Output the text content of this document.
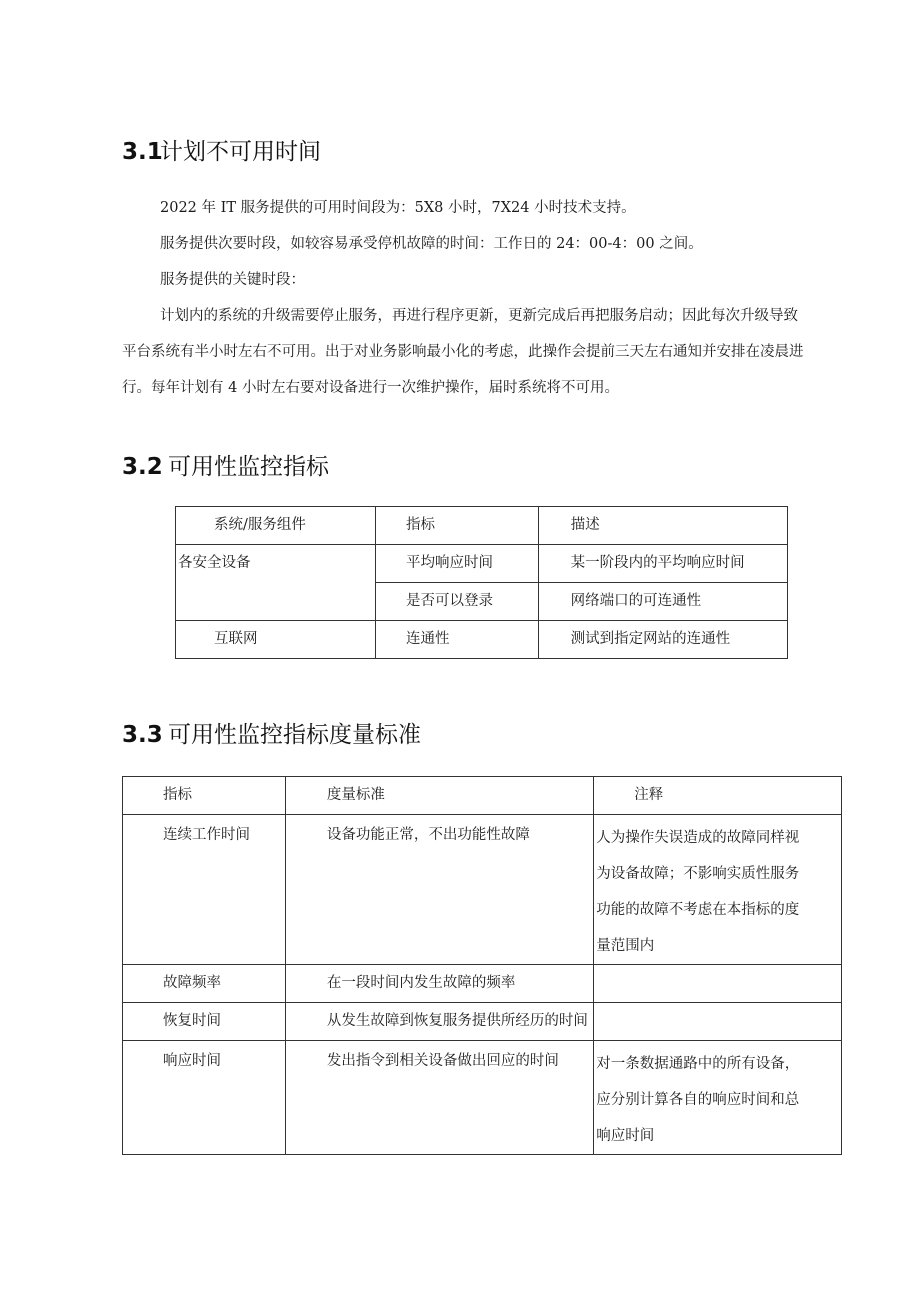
3.1计划不可用时间

2022 年 IT 服务提供的可用时间段为：5X8 小时，7X24 小时技术支持。

服务提供次要时段，如较容易承受停机故障的时间：工作日的 24：00-4：00 之间。

服务提供的关键时段：

计划内的系统的升级需要停止服务，再进行程序更新，更新完成后再把服务启动；因此每次升级导致
平台系统有半小时左右不可用。出于对业务影响最小化的考虑，此操作会提前三天左右通知并安排在凌晨进
行。每年计划有 4 小时左右要对设备进行一次维护操作，届时系统将不可用。

3.2 可用性监控指标
系统/服务组件	指标	描述
各安全设备	平均响应时间	某一阶段内的平均响应时间
	是否可以登录	网络端口的可连通性
互联网	连通性	测试到指定网站的连通性
3.3 可用性监控指标度量标准
指标	度量标准	注释
连续工作时间	设备功能正常，不出功能性故障	人为操作失误造成的故障同样视
为设备故障；不影响实质性服务
功能的故障不考虑在本指标的度
量范围内

故障频率	在一段时间内发生故障的频率	
恢复时间	从发生故障到恢复服务提供所经历的时间	
响应时间	发出指令到相关设备做出回应的时间	对一条数据通路中的所有设备，
应分别计算各自的响应时间和总
响应时间
